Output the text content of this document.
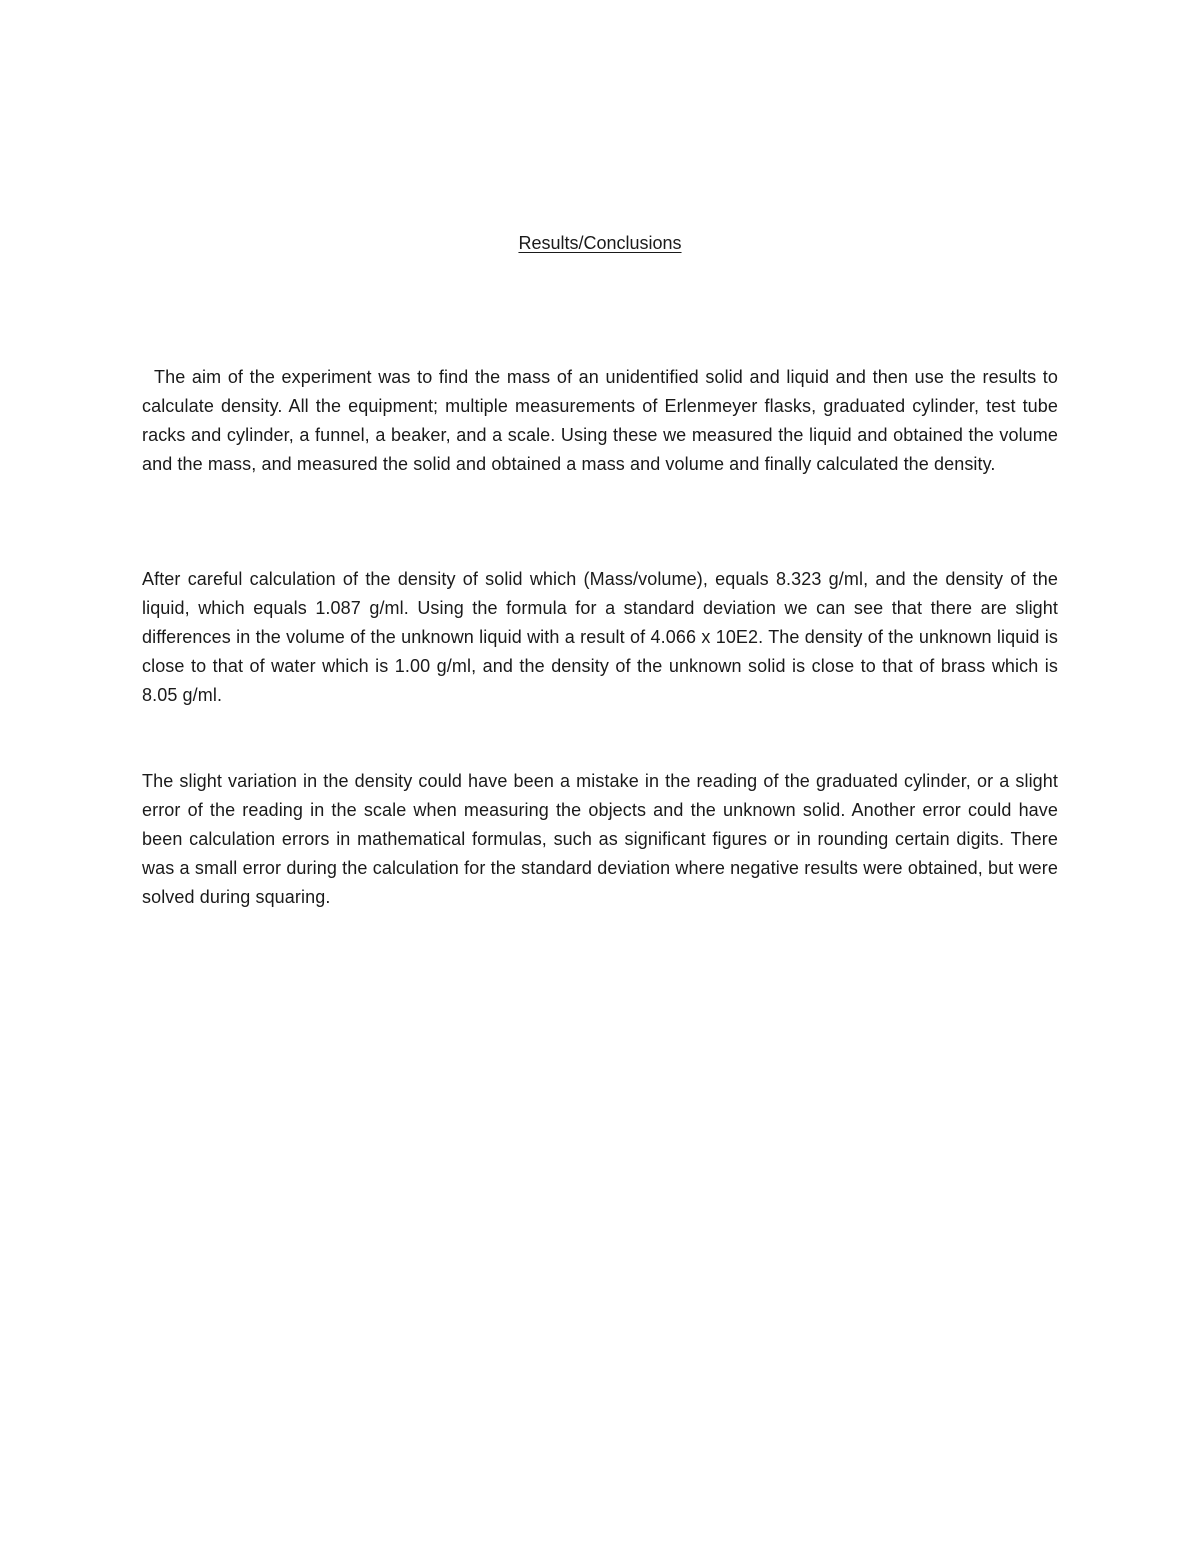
Results/Conclusions

The aim of the experiment was to find the mass of an unidentified solid and liquid and then use the results to calculate density. All the equipment; multiple measurements of Erlenmeyer flasks, graduated cylinder, test tube racks and cylinder, a funnel, a beaker, and a scale. Using these we measured the liquid and obtained the volume and the mass, and measured the solid and obtained a mass and volume and finally calculated the density.

After careful calculation of the density of solid which (Mass/volume), equals 8.323 g/ml, and the density of the liquid, which equals 1.087 g/ml. Using the formula for a standard deviation we can see that there are slight differences in the volume of the unknown liquid with a result of 4.066 x 10E2. The density of the unknown liquid is close to that of water which is 1.00 g/ml, and the density of the unknown solid is close to that of brass which is 8.05 g/ml.

The slight variation in the density could have been a mistake in the reading of the graduated cylinder, or a slight error of the reading in the scale when measuring the objects and the unknown solid. Another error could have been calculation errors in mathematical formulas, such as significant figures or in rounding certain digits. There was a small error during the calculation for the standard deviation where negative results were obtained, but were solved during squaring.
